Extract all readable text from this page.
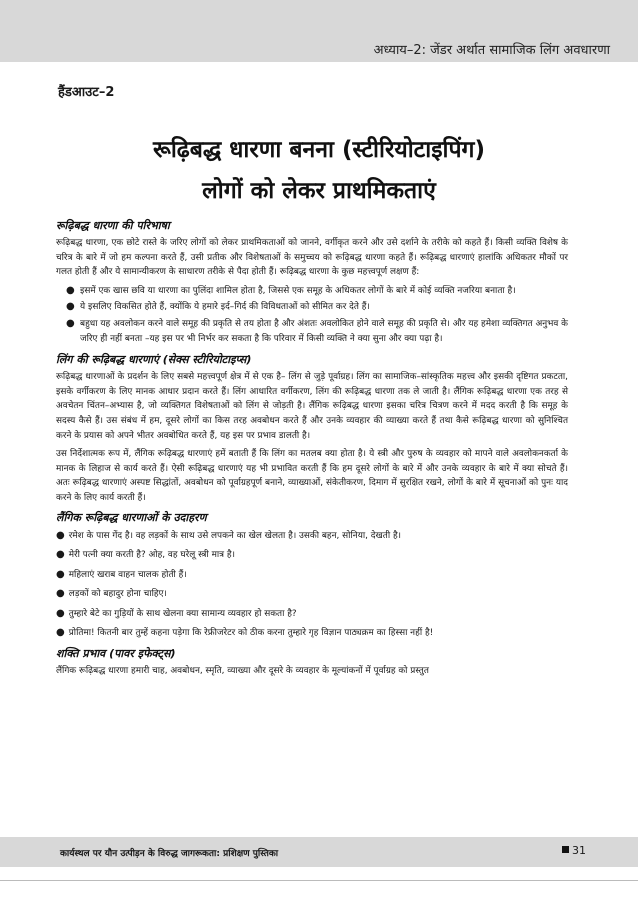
अध्याय–2: जेंडर अर्थात सामाजिक लिंग अवधारणा
हैंडआउट–2
रूढ़िबद्ध धारणा बनना (स्टीरियोटाइपिंग)
लोगों को लेकर प्राथमिकताएं
रूढ़िबद्ध धारणा की परिभाषा

रूढ़िबद्ध धारणा, एक छोटे रास्ते के जरिए लोगों को लेकर प्राथमिकताओं को जानने, वर्गीकृत करने और उसे दर्शाने के तरीके को कहते हैं। किसी व्यक्ति विशेष के चरित्र के बारे में जो हम कल्पना करते हैं, उसी प्रतीक और विशेषताओं के समुच्चय को रूढ़िबद्ध धारणा कहते हैं। रूढ़िबद्ध धारणाएं हालांकि अधिकतर मौकों पर गलत होती हैं और ये सामान्यीकरण के साधारण तरीके से पैदा होती हैं। रूढ़िबद्ध धारणा के कुछ महत्त्वपूर्ण लक्षण हैं:

● इसमें एक खास छवि या धारणा का पुलिंदा शामिल होता है, जिससे एक समूह के अधिकतर लोगों के बारे में कोई व्यक्ति नजरिया बनाता है।
● ये इसलिए विकसित होते हैं, क्योंकि ये हमारे इर्द–गिर्द की विविधताओं को सीमित कर देते हैं।
● बहुधा यह अवलोकन करने वाले समूह की प्रकृति से तय होता है और अंशतः अवलोकित होने वाले समूह की प्रकृति से। और यह हमेशा व्यक्तिगत अनुभव के जरिए ही नहीं बनता –यह इस पर भी निर्भर कर सकता है कि परिवार में किसी व्यक्ति ने क्या सुना और क्या पढ़ा है।
लिंग की रूढ़िबद्ध धारणाएं (सेक्स स्टीरियोटाइप्स)

रूढ़िबद्ध धारणाओं के प्रदर्शन के लिए सबसे महत्त्वपूर्ण क्षेत्र में से एक है– लिंग से जुड़े पूर्वाग्रह। लिंग का सामाजिक–सांस्कृतिक महत्त्व और इसकी दृष्टिगत प्रकटता, इसके वर्गीकरण के लिए मानक आधार प्रदान करते हैं। लिंग आधारित वर्गीकरण, लिंग की रूढ़िबद्ध धारणा तक ले जाती है। लैंगिक रूढ़िबद्ध धारणा एक तरह से अवचेतन चिंतन–अभ्यास है, जो व्यक्तिगत विशेषताओं को लिंग से जोड़ती है। लैंगिक रूढ़िबद्ध धारणा इसका चरित्र चित्रण करने में मदद करती है कि समूह के सदस्य कैसे हैं। उस संबंध में हम, दूसरे लोगों का किस तरह अवबोधन करते हैं और उनके व्यवहार की व्याख्या करते हैं तथा कैसे रूढ़िबद्ध धारणा को सुनिश्चित करने के प्रयास को अपने भीतर अवबोधित करते हैं, यह इस पर प्रभाव डालती है।

उस निर्देशात्मक रूप में, लैंगिक रूढ़िबद्ध धारणाएं हमें बताती हैं कि लिंग का मतलब क्या होता है। ये स्त्री और पुरुष के व्यवहार को मापने वाले अवलोकनकर्ता के मानक के लिहाज से कार्य करते हैं। ऐसी रूढ़िबद्ध धारणाएं यह भी प्रभावित करती हैं कि हम दूसरे लोगों के बारे में और उनके व्यवहार के बारे में क्या सोचते हैं। अतः रूढ़िबद्ध धारणाएं अस्पष्ट सिद्धांतों, अवबोधन को पूर्वाग्रहपूर्ण बनाने, व्याख्याओं, संकेतीकरण, दिमाग में सुरक्षित रखने, लोगों के बारे में सूचनाओं को पुनः याद करने के लिए कार्य करती हैं।

लैंगिक रूढ़िबद्ध धारणाओं के उदाहरण
● रमेश के पास गेंद है। वह लड़कों के साथ उसे लपकने का खेल खेलता है। उसकी बहन, सोनिया, देखती है।
● मेरी पत्नी क्या करती है? ओह, वह घरेलू स्त्री मात्र है।
● महिलाएं खराब वाहन चालक होती हैं।
● लड़कों को बहादुर होना चाहिए।
● तुम्हारे बेटे का गुड़ियों के साथ खेलना क्या सामान्य व्यवहार हो सकता है?
● प्रोतिमा! कितनी बार तुम्हें कहना पड़ेगा कि रेफ्रीजरेटर को ठीक करना तुम्हारे गृह विज्ञान पाठ्यक्रम का हिस्सा नहीं है!
शक्ति प्रभाव (पावर इफेक्ट्स)

लैंगिक रूढ़िबद्ध धारणा हमारी चाह, अवबोधन, स्मृति, व्याख्या और दूसरे के व्यवहार के मूल्यांकनों में पूर्वाग्रह को प्रस्तुत

कार्यस्थल पर यौन उत्पीड़न के विरुद्ध जागरूकता: प्रशिक्षण पुस्तिका	31
